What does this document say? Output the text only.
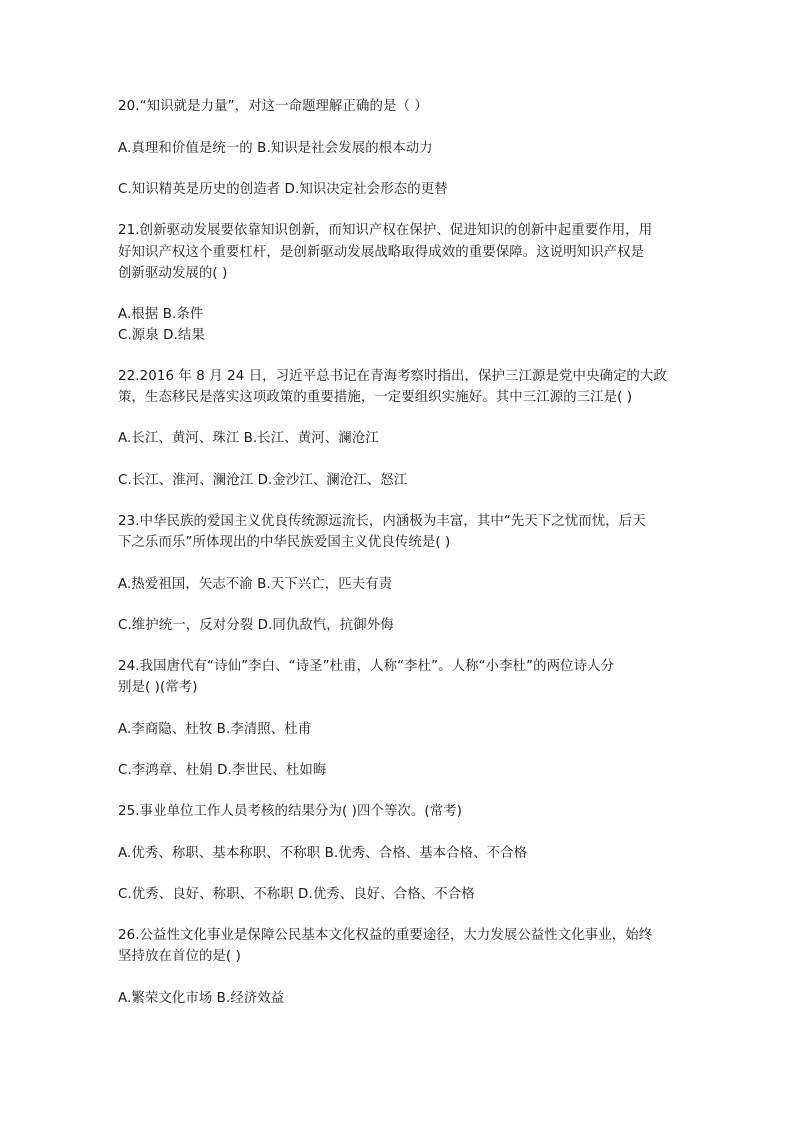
20.“知识就是力量”，对这一命题理解正确的是（ ）
A.真理和价值是统一的 B.知识是社会发展的根本动力
C.知识精英是历史的创造者 D.知识决定社会形态的更替
21.创新驱动发展要依靠知识创新，而知识产权在保护、促进知识的创新中起重要作用，用
好知识产权这个重要杠杆，是创新驱动发展战略取得成效的重要保障。这说明知识产权是
创新驱动发展的( )
A.根据 B.条件
C.源泉 D.结果
22.2016 年 8 月 24 日，习近平总书记在青海考察时指出，保护三江源是党中央确定的大政
策，生态移民是落实这项政策的重要措施，一定要组织实施好。其中三江源的三江是( )
A.长江、黄河、珠江 B.长江、黄河、澜沧江
C.长江、淮河、澜沧江 D.金沙江、澜沧江、怒江
23.中华民族的爱国主义优良传统源远流长，内涵极为丰富，其中“先天下之忧而忧，后天
下之乐而乐”所体现出的中华民族爱国主义优良传统是( )
A.热爱祖国，矢志不渝 B.天下兴亡，匹夫有责
C.维护统一，反对分裂 D.同仇敌忾，抗御外侮
24.我国唐代有“诗仙”李白、“诗圣”杜甫，人称“李杜”。人称“小李杜”的两位诗人分
别是( )(常考)
A.李商隐、杜牧 B.李清照、杜甫
C.李鸿章、杜娟 D.李世民、杜如晦
25.事业单位工作人员考核的结果分为( )四个等次。(常考)
A.优秀、称职、基本称职、不称职 B.优秀、合格、基本合格、不合格
C.优秀、良好、称职、不称职 D.优秀、良好、合格、不合格
26.公益性文化事业是保障公民基本文化权益的重要途径，大力发展公益性文化事业，始终
坚持放在首位的是( )
A.繁荣文化市场 B.经济效益
